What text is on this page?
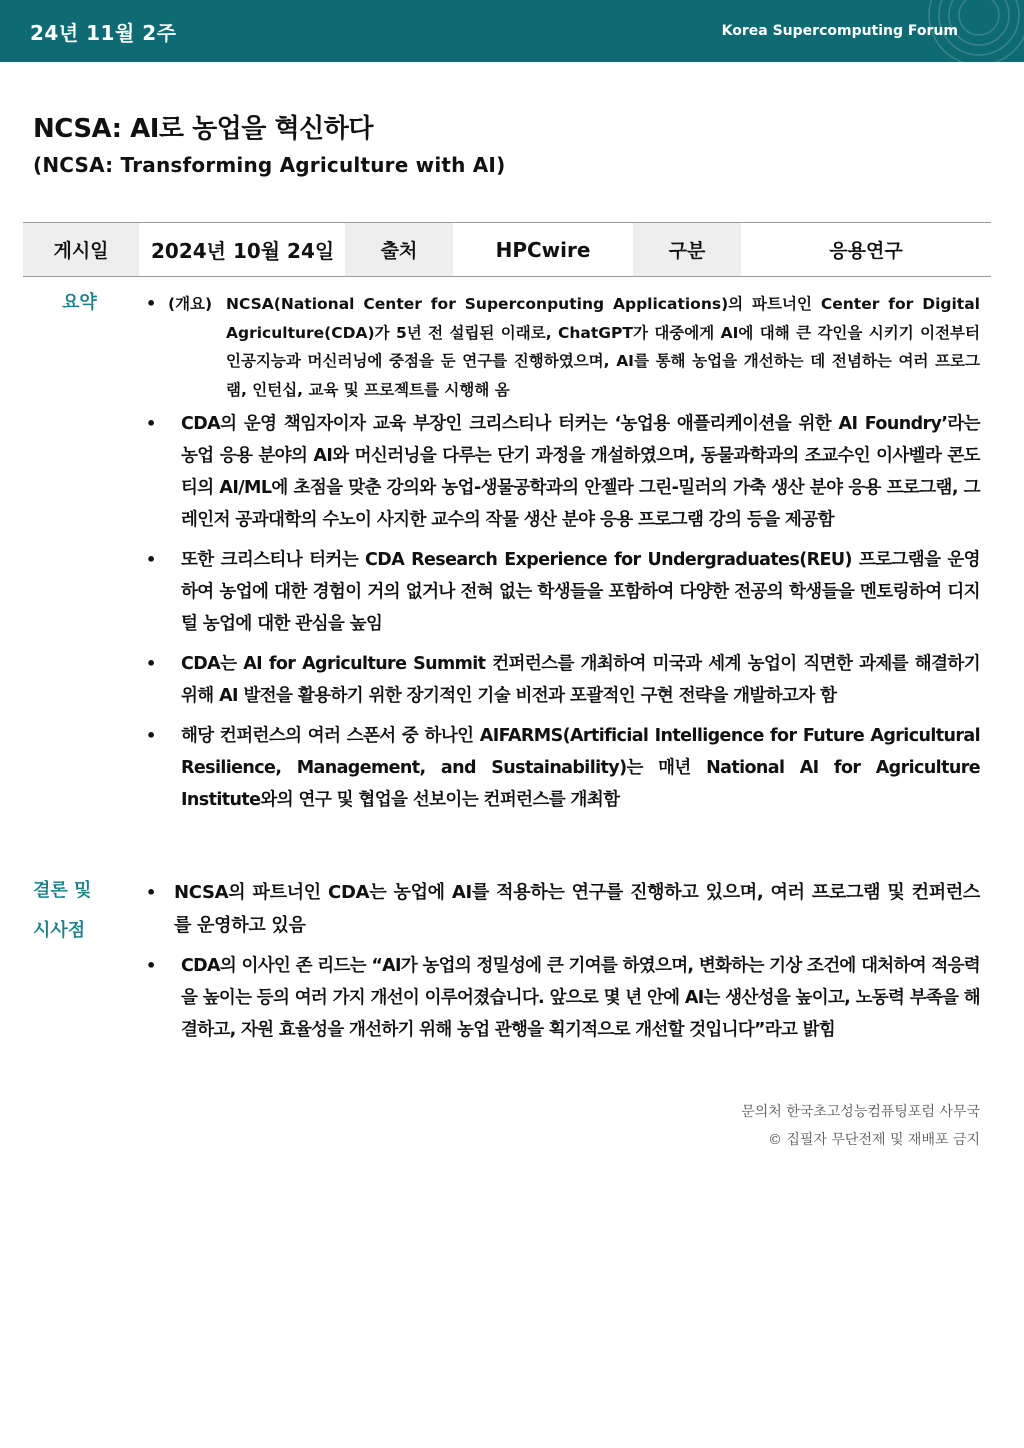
24년 11월 2주	Korea Supercomputing Forum
NCSA: AI로 농업을 혁신하다
(NCSA: Transforming Agriculture with AI)
게시일	2024년 10월 24일	출처	HPCwire	구분	응용연구
요약	• (개요) NCSA(National Center for Superconputing Applications)의 파트너인 Center for Digital Agriculture(CDA)가 5년 전 설립된 이래로, ChatGPT가 대중에게 AI에 대해 큰 각인을 시키기 이전부터 인공지능과 머신러닝에 중점을 둔 연구를 진행하였으며, AI를 통해 농업을 개선하는 데 전념하는 여러 프로그램, 인턴십, 교육 및 프로젝트를 시행해 옴
• CDA의 운영 책임자이자 교육 부장인 크리스티나 터커는 ‘농업용 애플리케이션을 위한 AI Foundry’라는 농업 응용 분야의 AI와 머신러닝을 다루는 단기 과정을 개설하였으며, 동물과학과의 조교수인 이사벨라 콘도티의 AI/ML에 초점을 맞춘 강의와 농업-생물공학과의 안젤라 그린-밀러의 가축 생산 분야 응용 프로그램, 그레인저 공과대학의 수노이 사지한 교수의 작물 생산 분야 응용 프로그램 강의 등을 제공함
• 또한 크리스티나 터커는 CDA Research Experience for Undergraduates(REU) 프로그램을 운영하여 농업에 대한 경험이 거의 없거나 전혀 없는 학생들을 포함하여 다양한 전공의 학생들을 멘토링하여 디지털 농업에 대한 관심을 높임
• CDA는 AI for Agriculture Summit 컨퍼런스를 개최하여 미국과 세계 농업이 직면한 과제를 해결하기 위해 AI 발전을 활용하기 위한 장기적인 기술 비전과 포괄적인 구현 전략을 개발하고자 함
• 해당 컨퍼런스의 여러 스폰서 중 하나인 AIFARMS(Artificial Intelligence for Future Agricultural Resilience, Management, and Sustainability)는 매년 National AI for Agriculture Institute와의 연구 및 협업을 선보이는 컨퍼런스를 개최함
결론 및
시사점
• NCSA의 파트너인 CDA는 농업에 AI를 적용하는 연구를 진행하고 있으며, 여러 프로그램 및 컨퍼런스를 운영하고 있음
• CDA의 이사인 존 리드는 “AI가 농업의 정밀성에 큰 기여를 하였으며, 변화하는 기상 조건에 대처하여 적응력을 높이는 등의 여러 가지 개선이 이루어졌습니다. 앞으로 몇 년 안에 AI는 생산성을 높이고, 노동력 부족을 해결하고, 자원 효율성을 개선하기 위해 농업 관행을 획기적으로 개선할 것입니다”라고 밝힘
문의처 한국초고성능컴퓨팅포럼 사무국
© 집필자 무단전제 및 재배포 금지
